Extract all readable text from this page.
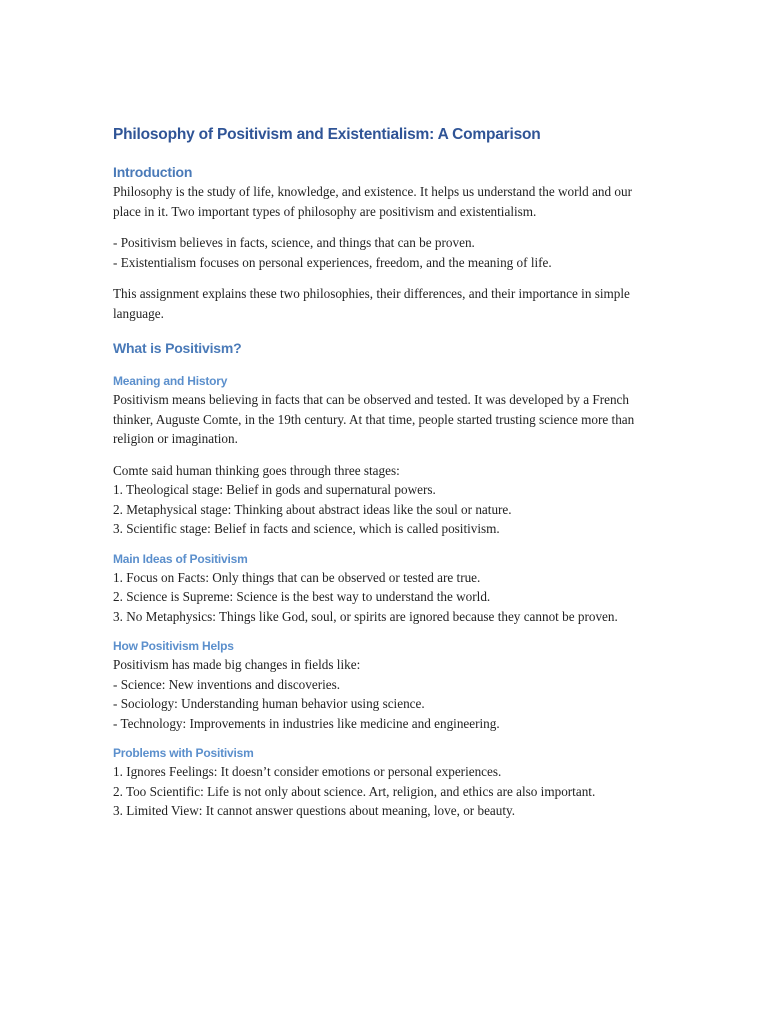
Philosophy of Positivism and Existentialism: A Comparison
Introduction

Philosophy is the study of life, knowledge, and existence. It helps us understand the world and our place in it. Two important types of philosophy are positivism and existentialism.

- Positivism believes in facts, science, and things that can be proven.

- Existentialism focuses on personal experiences, freedom, and the meaning of life.

This assignment explains these two philosophies, their differences, and their importance in simple language.

What is Positivism?
Meaning and History

Positivism means believing in facts that can be observed and tested. It was developed by a French thinker, Auguste Comte, in the 19th century. At that time, people started trusting science more than religion or imagination.

Comte said human thinking goes through three stages:

1. Theological stage: Belief in gods and supernatural powers.

2. Metaphysical stage: Thinking about abstract ideas like the soul or nature.

3. Scientific stage: Belief in facts and science, which is called positivism.

Main Ideas of Positivism

1. Focus on Facts: Only things that can be observed or tested are true.

2. Science is Supreme: Science is the best way to understand the world.

3. No Metaphysics: Things like God, soul, or spirits are ignored because they cannot be proven.

How Positivism Helps

Positivism has made big changes in fields like:

- Science: New inventions and discoveries.

- Sociology: Understanding human behavior using science.

- Technology: Improvements in industries like medicine and engineering.

Problems with Positivism

1. Ignores Feelings: It doesn’t consider emotions or personal experiences.

2. Too Scientific: Life is not only about science. Art, religion, and ethics are also important.

3. Limited View: It cannot answer questions about meaning, love, or beauty.
